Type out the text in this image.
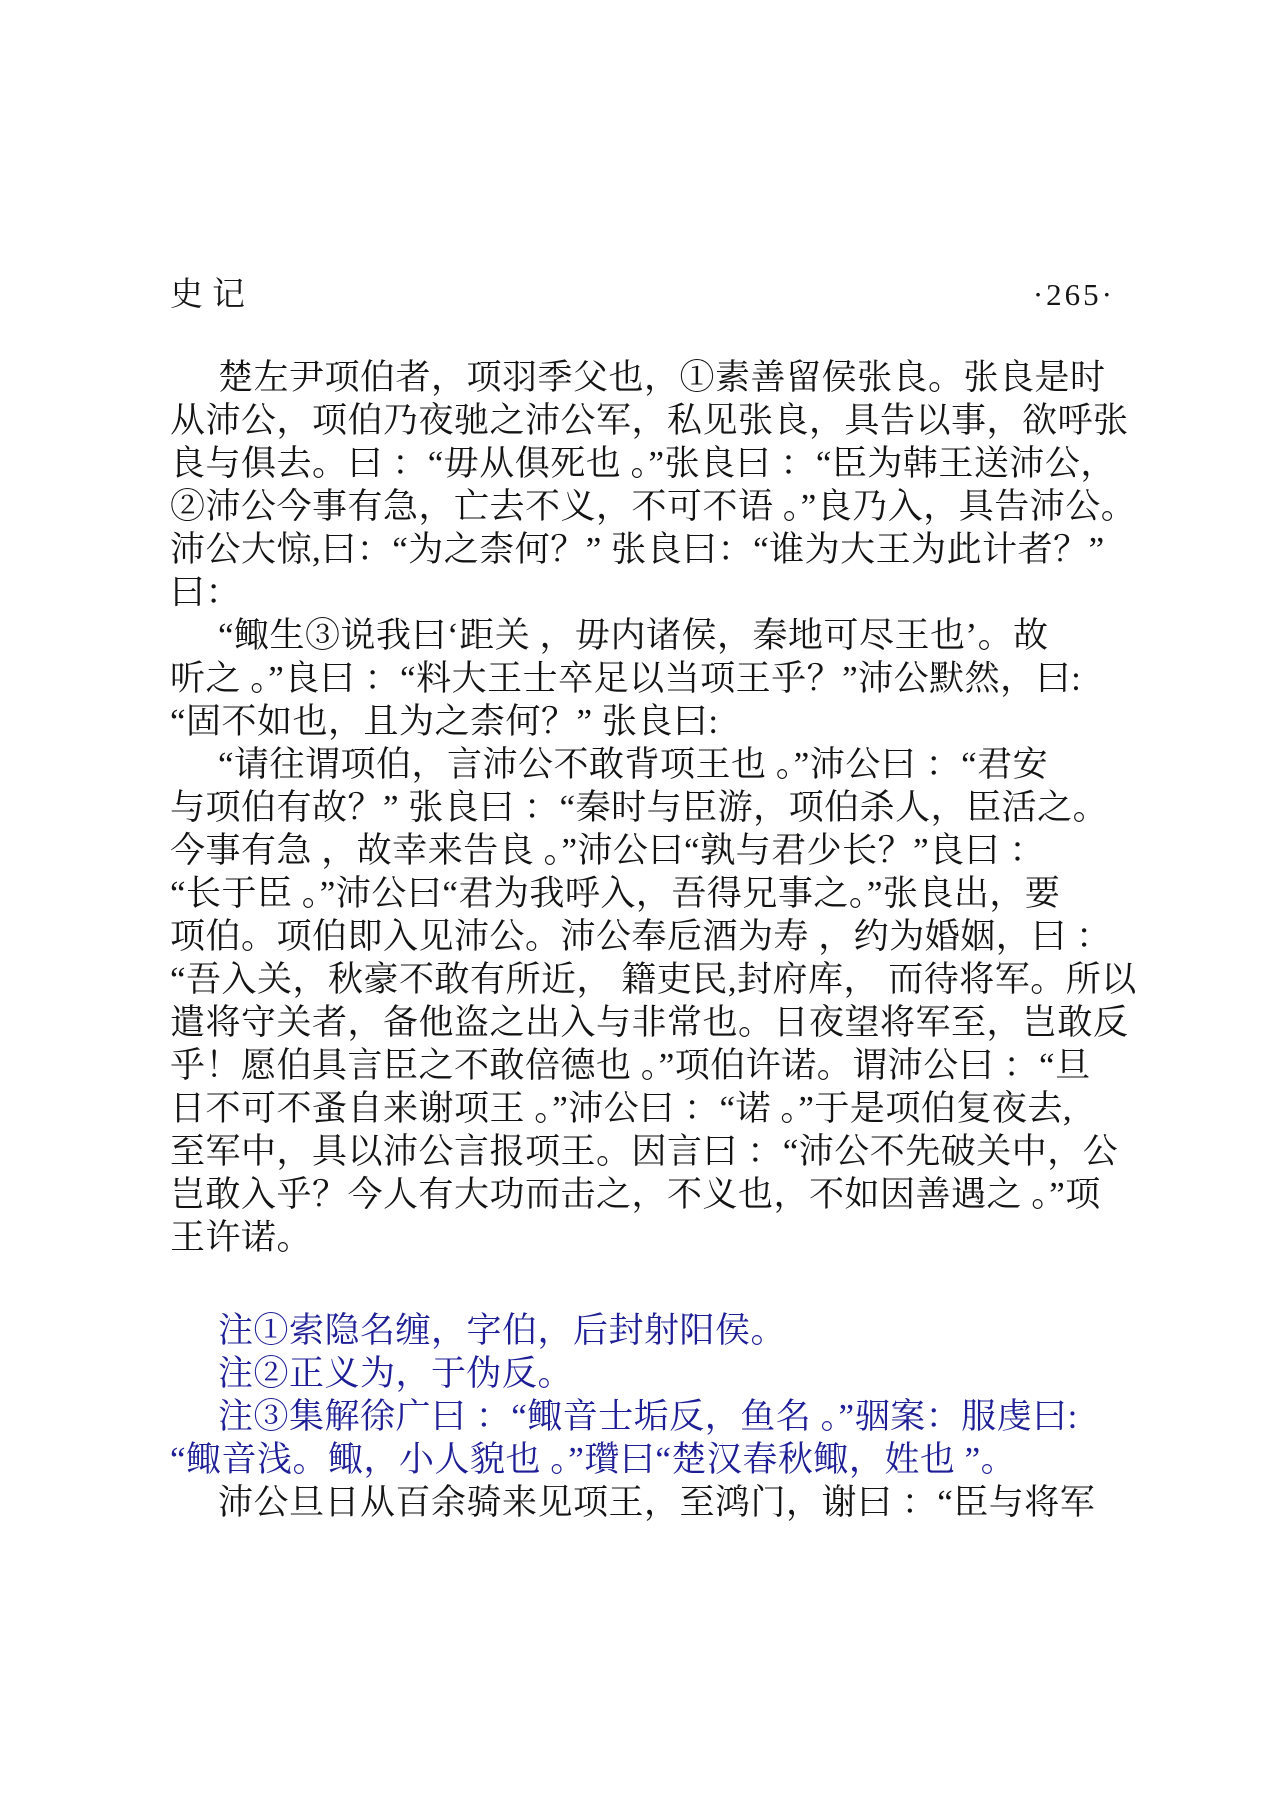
史记	·265·
楚左尹项伯者，项羽季父也，①素善留侯张良。张良是时
从沛公，项伯乃夜驰之沛公军，私见张良，具告以事，欲呼张
良与俱去。曰 ：“毋从俱死也 。”张良曰 ：“臣为韩王送沛公，
②沛公今事有急，亡去不义，不可不语 。”良乃入，具告沛公。
沛公大惊,曰：“为之柰何？” 张良曰：“谁为大王为此计者？”
曰：
“鲰生③说我曰‘距关 ，毋内诸侯，秦地可尽王也’。故
听之 。”良曰 ：“料大王士卒足以当项王乎？”沛公默然，曰:
“固不如也，且为之柰何？” 张良曰:
“请往谓项伯，言沛公不敢背项王也 。”沛公曰 ：“君安
与项伯有故？” 张良曰 ：“秦时与臣游，项伯杀人，臣活之。
今事有急 ，故幸来告良 。”沛公曰“孰与君少长？”良曰 ：
“长于臣 。”沛公曰“君为我呼入，吾得兄事之。”张良出，要
项伯。项伯即入见沛公。沛公奉卮酒为寿 ，约为婚姻，曰 ：
“吾入关，秋豪不敢有所近， 籍吏民,封府库， 而待将军。所以
遣将守关者，备他盗之出入与非常也。日夜望将军至，岂敢反
乎！愿伯具言臣之不敢倍德也 。”项伯许诺。谓沛公曰 ：“旦
日不可不蚤自来谢项王 。”沛公曰 ：“诺 。”于是项伯复夜去,
至军中，具以沛公言报项王。因言曰 ：“沛公不先破关中，公
岂敢入乎？今人有大功而击之，不义也，不如因善遇之 。”项
王许诺。
注①索隐名缠，字伯，后封射阳侯。
注②正义为，于伪反。
注③集解徐广曰 ：“鲰音士垢反，鱼名 。”骃案：服虔曰:
“鲰音浅。鲰，小人貌也 。”瓚曰“楚汉春秋鲰，姓也 ”。
沛公旦日从百余骑来见项王，至鸿门，谢曰 ：“臣与将军
